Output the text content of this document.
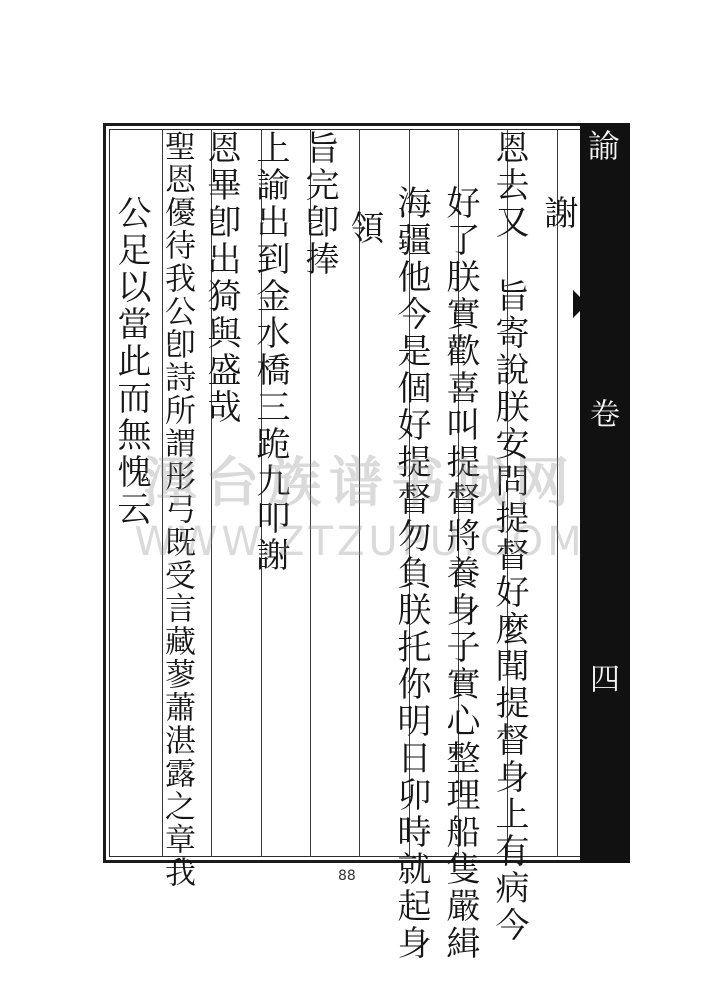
諭
卷
四
謝
恩去又　旨寄說朕安問提督好麼聞提督身上有病今
好了朕實歡喜叫提督將養身子實心整理船隻嚴緝
海疆他今是個好提督勿負朕托你明日卯時就起身
領
旨完卽捧
上諭出到金水橋三跪九叩謝
恩畢卽出猗與盛哉
聖恩優待我公卽詩所謂彤弓既受言藏蓼蕭湛露之章我
公足以當此而無愧云
潭台族谱书城网
WWW.ZTZUPU.COM
88
